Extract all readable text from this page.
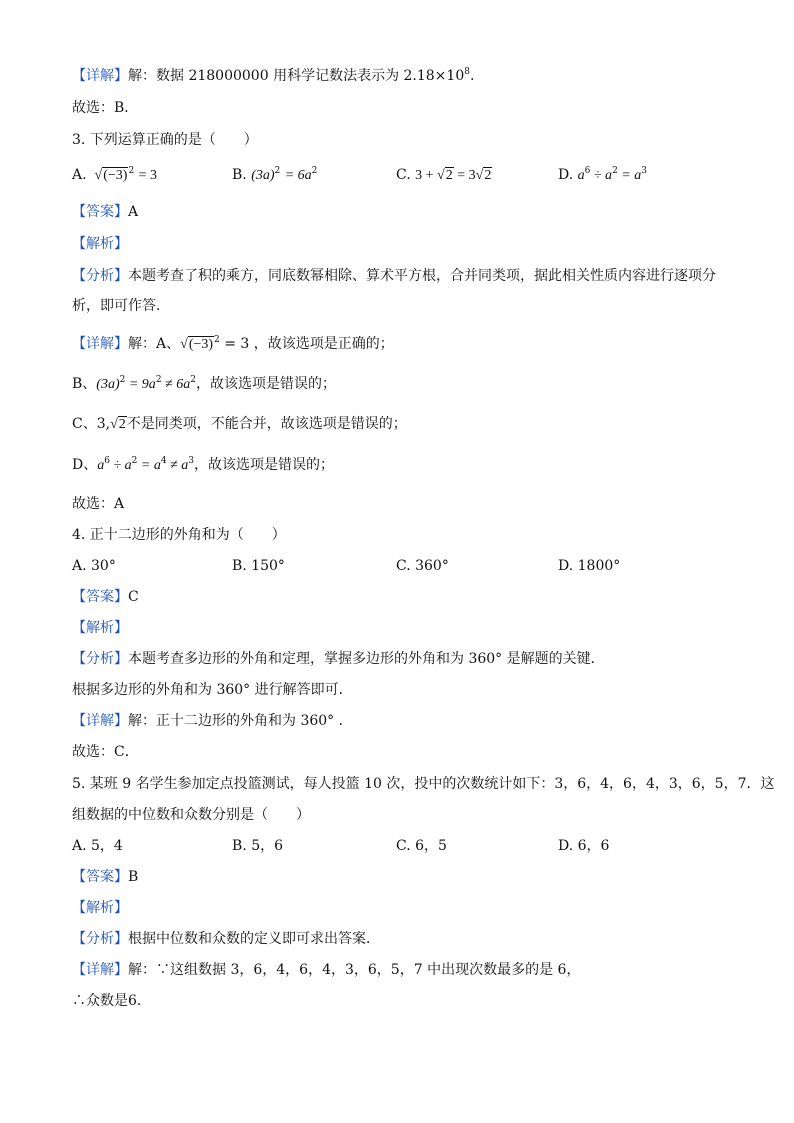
【详解】解：数据 218000000 用科学记数法表示为 $2.18\times 10^8$.
故选：B．
3. 下列运算正确的是（　　）
A.  $√(-3)^2 = 3$	B. $(3a)^2 = 6a^2$	C. 3 + √2 = 3√2	D. $a^6 \div a^2 = a^3$
【答案】A
【解析】
【分析】本题考查了积的乘方，同底数幂相除、算术平方根，合并同类项，据此相关性质内容进行逐项分
析，即可作答．
【详解】解：A、$√(-3)^2 = 3$ ，故该选项是正确的；
B、$(3a)^2 = 9a^2 \ne 6a^2$，故该选项是错误的；
C、3,√2不是同类项，不能合并，故该选项是错误的；
D、$a^6 \div a^2 = a^4 \ne a^3$，故该选项是错误的；
故选：A
4. 正十二边形的外角和为（　　）
A. 30°	B. 150°	C. 360°	D. 1800°
【答案】C
【解析】
【分析】本题考查多边形的外角和定理，掌握多边形的外角和为 360° 是解题的关键．
根据多边形的外角和为 360° 进行解答即可．
【详解】解：正十二边形的外角和为 360° ．
故选：C．
5. 某班 9 名学生参加定点投篮测试，每人投篮 10 次，投中的次数统计如下：3，6，4，6，4，3，6，5，7．这
组数据的中位数和众数分别是（　　）
A. 5，4	B. 5，6	C. 6，5	D. 6，6
【答案】B
【解析】
【分析】根据中位数和众数的定义即可求出答案．
【详解】解：∵这组数据 3，6，4，6，4，3，6，5，7 中出现次数最多的是 6，
∴众数是6.
